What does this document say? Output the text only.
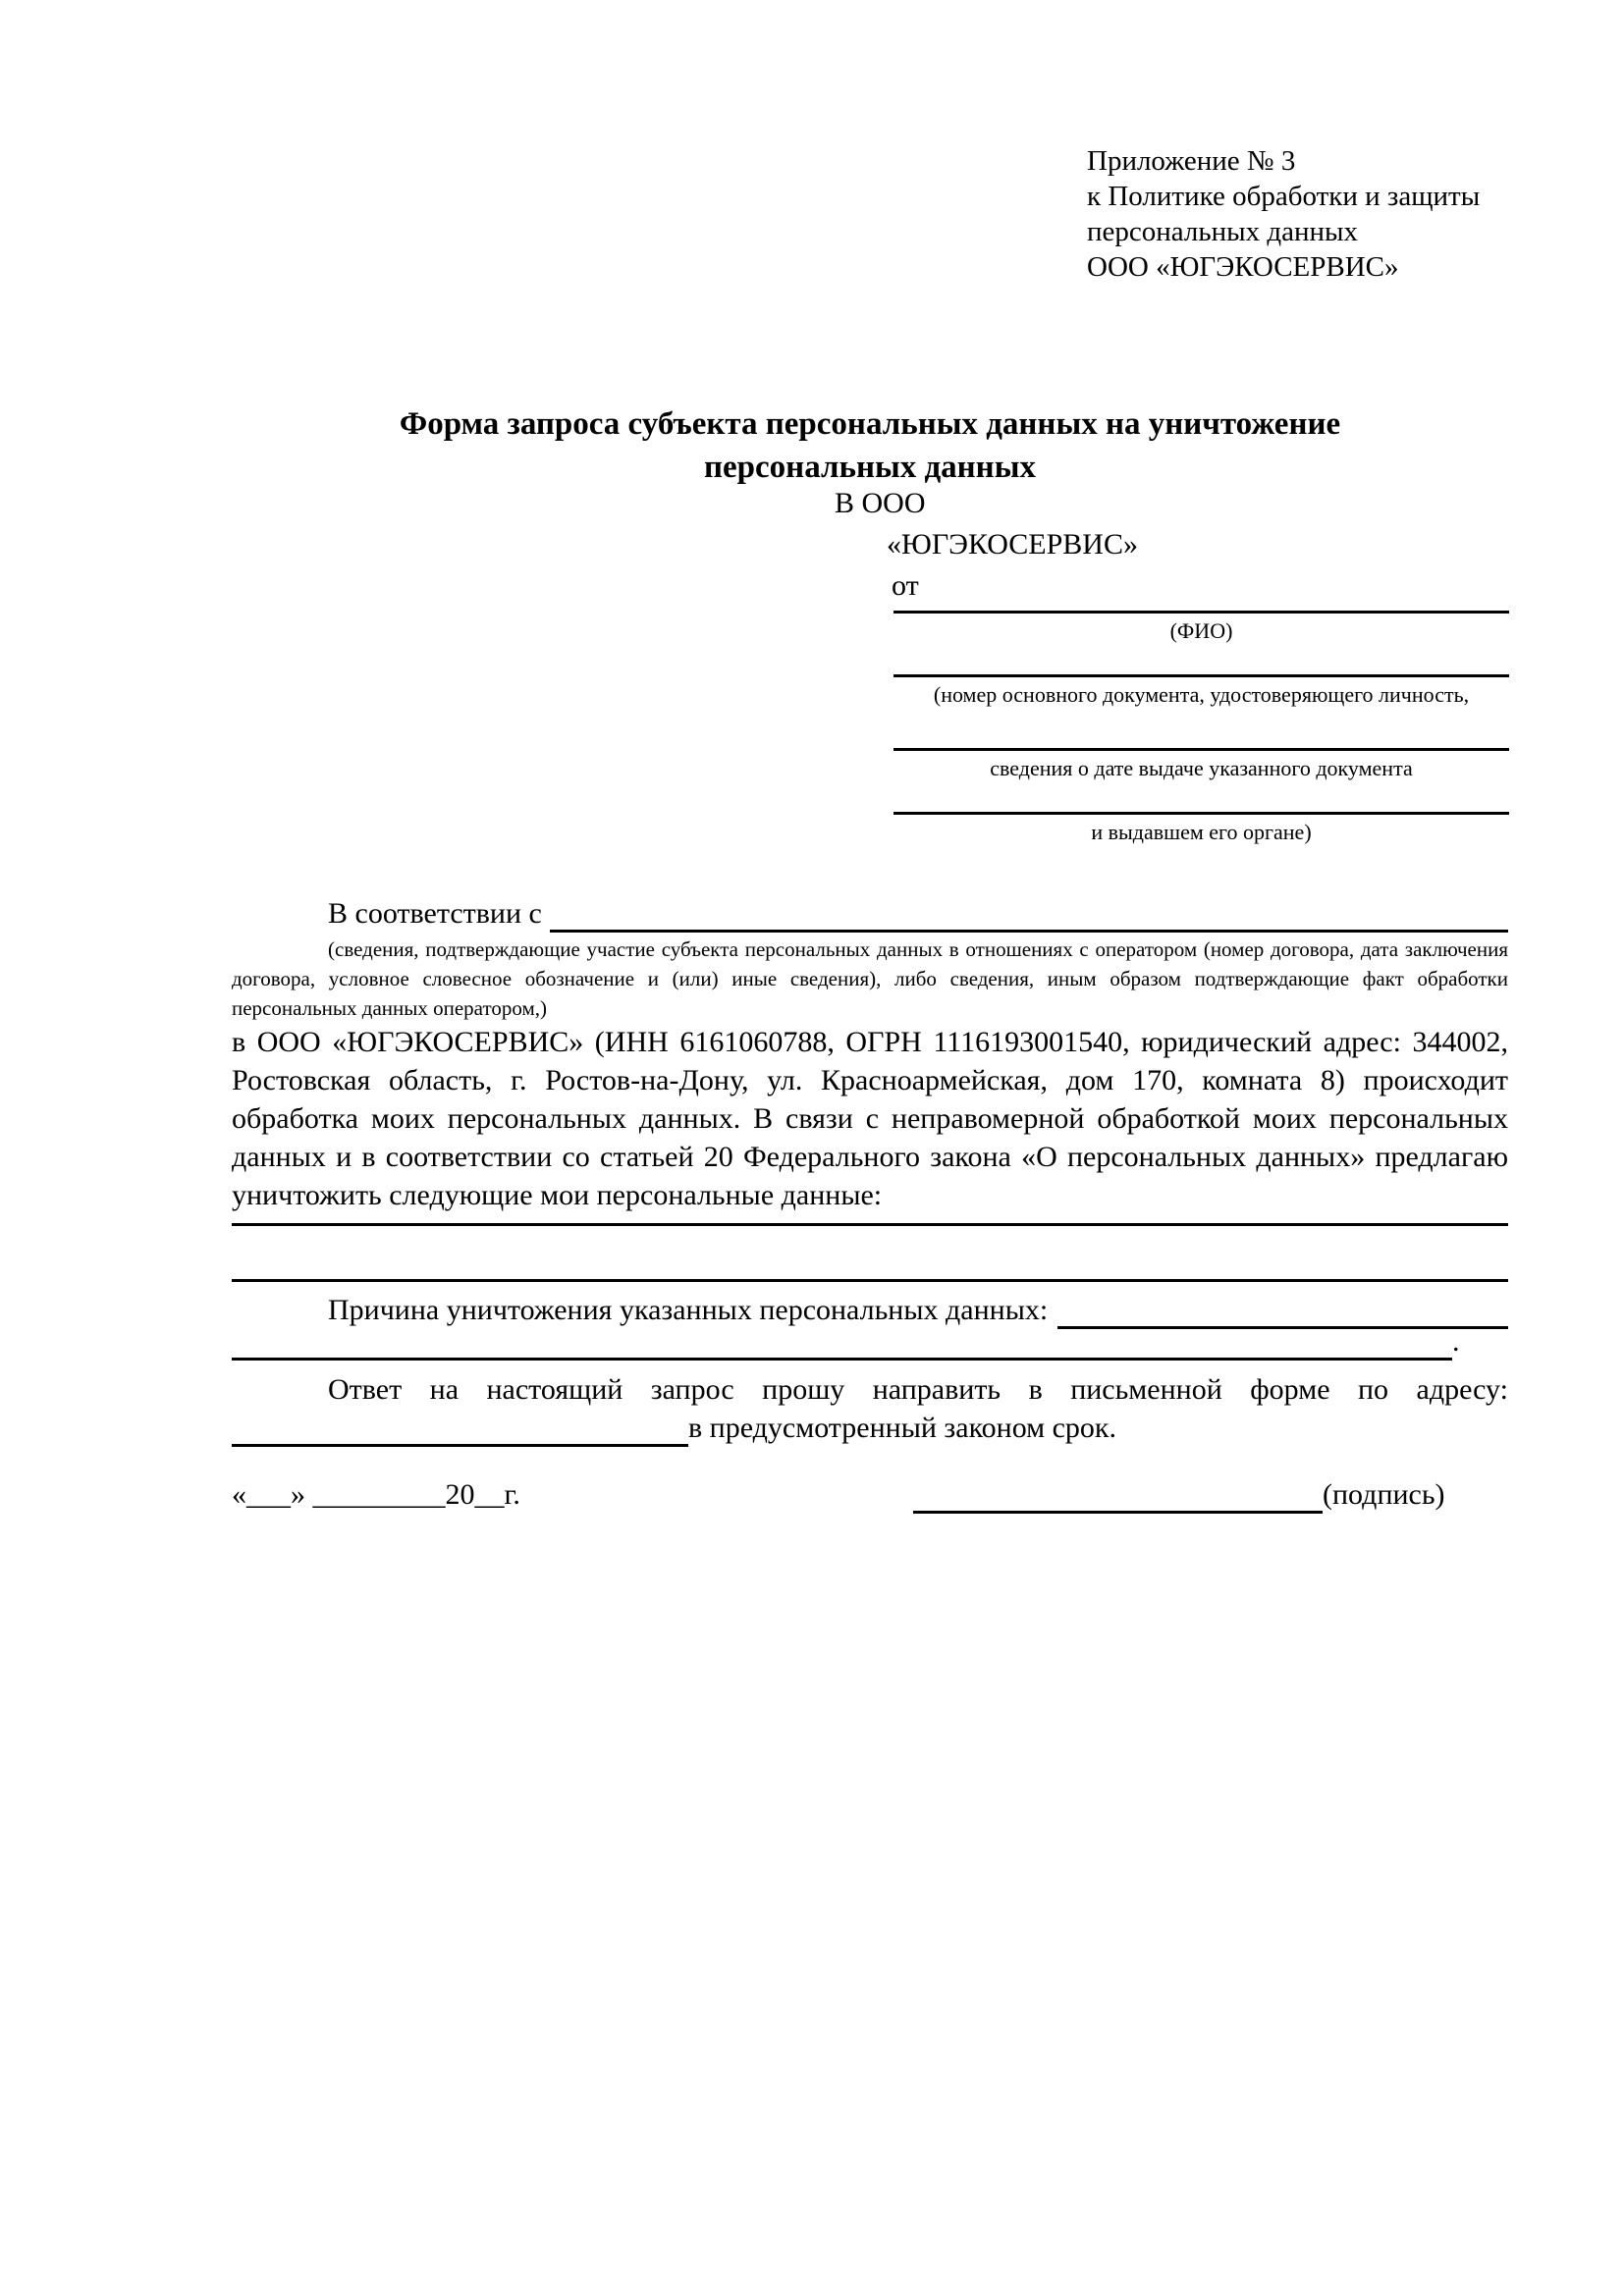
Приложение № 3
к Политике обработки и защиты
персональных данных
ООО «ЮГЭКОСЕРВИС»
Форма запроса субъекта персональных данных на уничтожение
персональных данных
В ООО
«ЮГЭКОСЕРВИС»
от
(ФИО)
(номер основного документа, удостоверяющего личность,
сведения о дате выдаче указанного документа
и выдавшем его органе)
В соответствии с
(сведения, подтверждающие участие субъекта персональных данных в отношениях с оператором (номер договора, дата заключения договора, условное словесное обозначение и (или) иные сведения), либо сведения, иным образом подтверждающие факт обработки персональных данных оператором,)
в ООО «ЮГЭКОСЕРВИС» (ИНН 6161060788, ОГРН 1116193001540, юридический адрес: 344002, Ростовская область, г. Ростов-на-Дону, ул. Красноармейская, дом 170, комната 8) происходит обработка моих персональных данных. В связи с неправомерной обработкой моих персональных данных и в соответствии со статьей 20 Федерального закона «О персональных данных» предлагаю уничтожить следующие мои персональные данные:
Причина уничтожения указанных персональных данных:
.
Ответ на настоящий запрос прошу направить в письменной форме по адресу:
в предусмотренный законом срок.
«___» _________20__г.	(подпись)
